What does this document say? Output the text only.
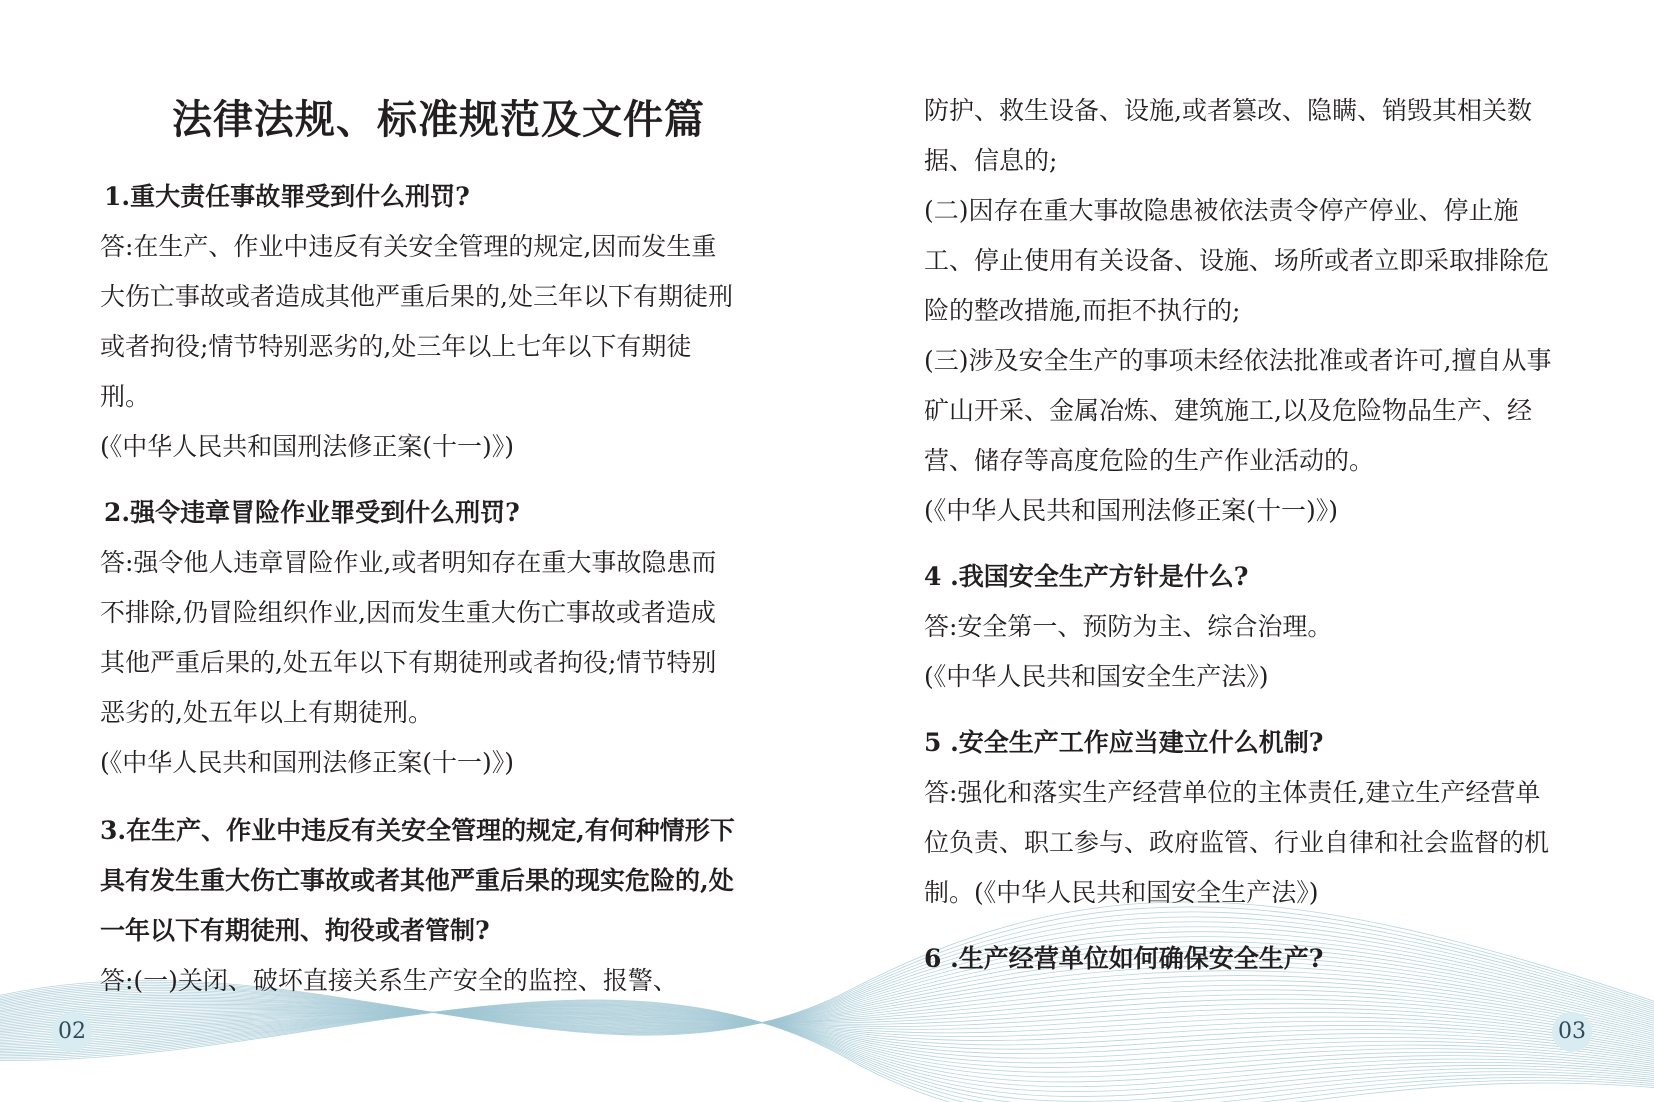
法律法规、标准规范及文件篇

1.重大责任事故罪受到什么刑罚?

答:在生产、作业中违反有关安全管理的规定,因而发生重大伤亡事故或者造成其他严重后果的,处三年以下有期徒刑或者拘役;情节特别恶劣的,处三年以上七年以下有期徒刑。

(《中华人民共和国刑法修正案(十一)》)

2.强令违章冒险作业罪受到什么刑罚?

答:强令他人违章冒险作业,或者明知存在重大事故隐患而不排除,仍冒险组织作业,因而发生重大伤亡事故或者造成其他严重后果的,处五年以下有期徒刑或者拘役;情节特别恶劣的,处五年以上有期徒刑。

(《中华人民共和国刑法修正案(十一)》)

3.在生产、作业中违反有关安全管理的规定,有何种情形下具有发生重大伤亡事故或者其他严重后果的现实危险的,处一年以下有期徒刑、拘役或者管制?

答:(一)关闭、破坏直接关系生产安全的监控、报警、

02

防护、救生设备、设施,或者篡改、隐瞒、销毁其相关数据、信息的;

(二)因存在重大事故隐患被依法责令停产停业、停止施工、停止使用有关设备、设施、场所或者立即采取排除危险的整改措施,而拒不执行的;

(三)涉及安全生产的事项未经依法批准或者许可,擅自从事矿山开采、金属冶炼、建筑施工,以及危险物品生产、经营、储存等高度危险的生产作业活动的。

(《中华人民共和国刑法修正案(十一)》)

4 .我国安全生产方针是什么?

答:安全第一、预防为主、综合治理。

(《中华人民共和国安全生产法》)

5 .安全生产工作应当建立什么机制?

答:强化和落实生产经营单位的主体责任,建立生产经营单位负责、职工参与、政府监管、行业自律和社会监督的机制。(《中华人民共和国安全生产法》)

6 .生产经营单位如何确保安全生产?

03
